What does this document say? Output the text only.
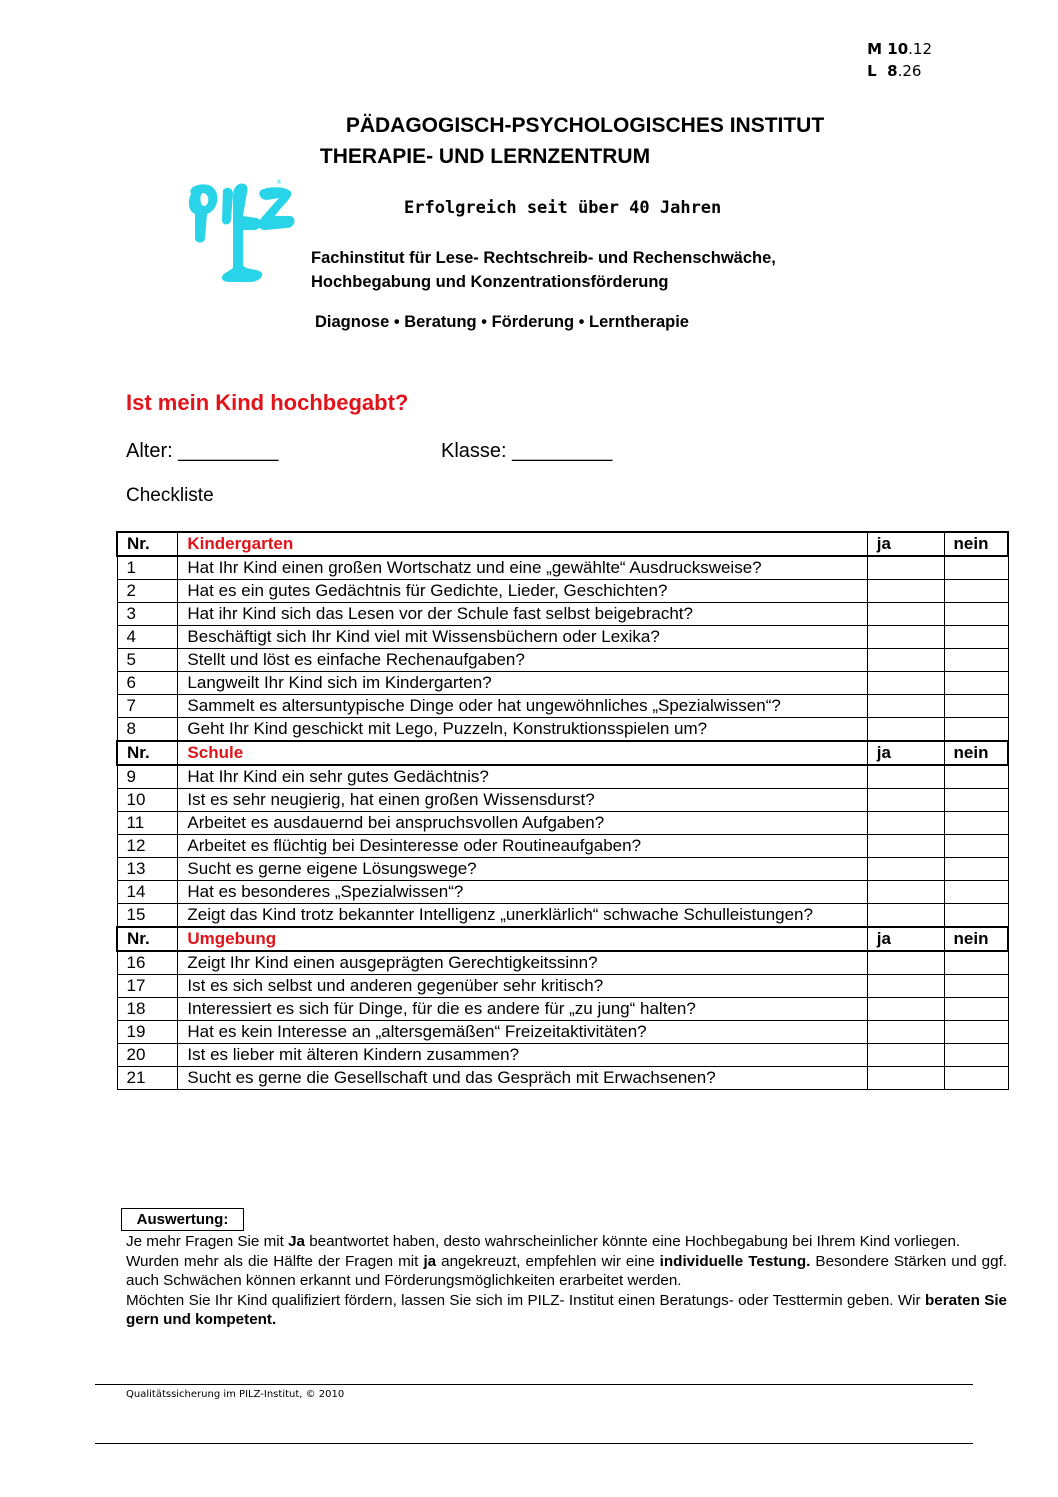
M 10.12
L  8.26
PÄDAGOGISCH-PSYCHOLOGISCHES INSTITUT
THERAPIE- UND LERNZENTRUM
®
Erfolgreich seit über 40 Jahren
Fachinstitut für Lese- Rechtschreib- und Rechenschwäche,
Hochbegabung und Konzentrationsförderung
Diagnose • Beratung • Förderung • Lerntherapie
Ist mein Kind hochbegabt?
Alter: _________	Klasse: _________
Checkliste
Nr.	Kindergarten	ja	nein
1	Hat Ihr Kind einen großen Wortschatz und eine „gewählte“ Ausdrucksweise?		
2	Hat es ein gutes Gedächtnis für Gedichte, Lieder, Geschichten?		
3	Hat ihr Kind sich das Lesen vor der Schule fast selbst beigebracht?		
4	Beschäftigt sich Ihr Kind viel mit Wissensbüchern oder Lexika?		
5	Stellt und löst es einfache Rechenaufgaben?		
6	Langweilt Ihr Kind sich im Kindergarten?		
7	Sammelt es altersuntypische Dinge oder hat ungewöhnliches „Spezialwissen“?		
8	Geht Ihr Kind geschickt mit Lego, Puzzeln, Konstruktionsspielen um?		
Nr.	Schule	ja	nein
9	Hat Ihr Kind ein sehr gutes Gedächtnis?		
10	Ist es sehr neugierig, hat einen großen Wissensdurst?		
11	Arbeitet es ausdauernd bei anspruchsvollen Aufgaben?		
12	Arbeitet es flüchtig bei Desinteresse oder Routineaufgaben?		
13	Sucht es gerne eigene Lösungswege?		
14	Hat es besonderes „Spezialwissen“?		
15	Zeigt das Kind trotz bekannter Intelligenz „unerklärlich“ schwache Schulleistungen?		
Nr.	Umgebung	ja	nein
16	Zeigt Ihr Kind einen ausgeprägten Gerechtigkeitssinn?		
17	Ist es sich selbst und anderen gegenüber sehr kritisch?		
18	Interessiert es sich für Dinge, für die es andere für „zu jung“ halten?		
19	Hat es kein Interesse an „altersgemäßen“ Freizeitaktivitäten?		
20	Ist es lieber mit älteren Kindern zusammen?		
21	Sucht es gerne die Gesellschaft und das Gespräch mit Erwachsenen?		
Auswertung:

Je mehr Fragen Sie mit Ja beantwortet haben, desto wahrscheinlicher könnte eine Hochbegabung bei Ihrem Kind vorliegen.

Wurden mehr als die Hälfte der Fragen mit ja angekreuzt, empfehlen wir eine individuelle Testung. Besondere Stärken und ggf. auch Schwächen können erkannt und Förderungsmöglichkeiten erarbeitet werden.

Möchten Sie Ihr Kind qualifiziert fördern, lassen Sie sich im PILZ- Institut einen Beratungs- oder Testtermin geben. Wir beraten Sie gern und kompetent.

Qualitätssicherung im PILZ-Institut, © 2010
